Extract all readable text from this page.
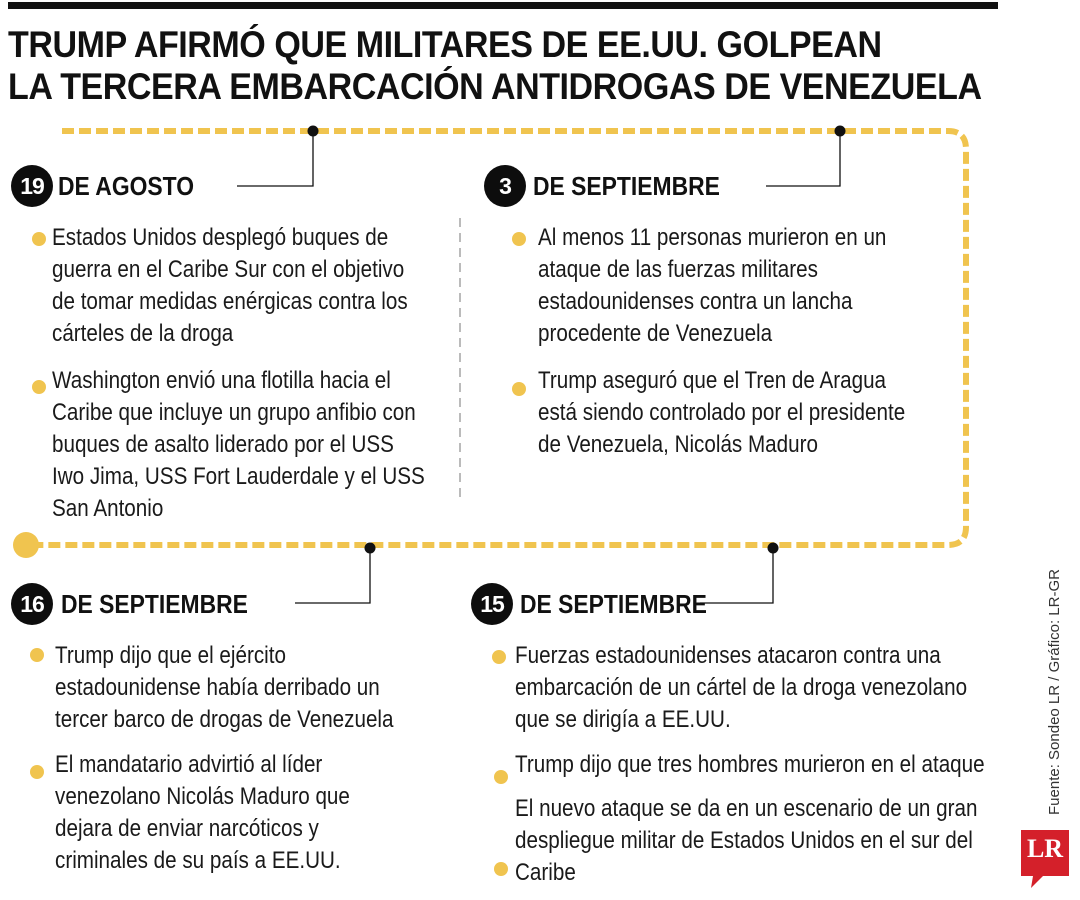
TRUMP AFIRMÓ QUE MILITARES DE EE.UU. GOLPEAN
LA TERCERA EMBARCACIÓN ANTIDROGAS DE VENEZUELA
19 DE AGOSTO
Estados Unidos desplegó buques de
guerra en el Caribe Sur con el objetivo
de tomar medidas enérgicas contra los
cárteles de la droga
Washington envió una flotilla hacia el
Caribe que incluye un grupo anfibio con
buques de asalto liderado por el USS
Iwo Jima, USS Fort Lauderdale y el USS
San Antonio
3 DE SEPTIEMBRE
Al menos 11 personas murieron en un
ataque de las fuerzas militares
estadounidenses contra un lancha
procedente de Venezuela
Trump aseguró que el Tren de Aragua
está siendo controlado por el presidente
de Venezuela, Nicolás Maduro
16 DE SEPTIEMBRE
Trump dijo que el ejército
estadounidense había derribado un
tercer barco de drogas de Venezuela
El mandatario advirtió al líder
venezolano Nicolás Maduro que
dejara de enviar narcóticos y
criminales de su país a EE.UU.
15 DE SEPTIEMBRE
Fuerzas estadounidenses atacaron contra una
embarcación de un cártel de la droga venezolano
que se dirigía a EE.UU.
Trump dijo que tres hombres murieron en el ataque
El nuevo ataque se da en un escenario de un gran
despliegue militar de Estados Unidos en el sur del
Caribe
Fuente: Sondeo LR / Gráfico: LR-GR
LR
